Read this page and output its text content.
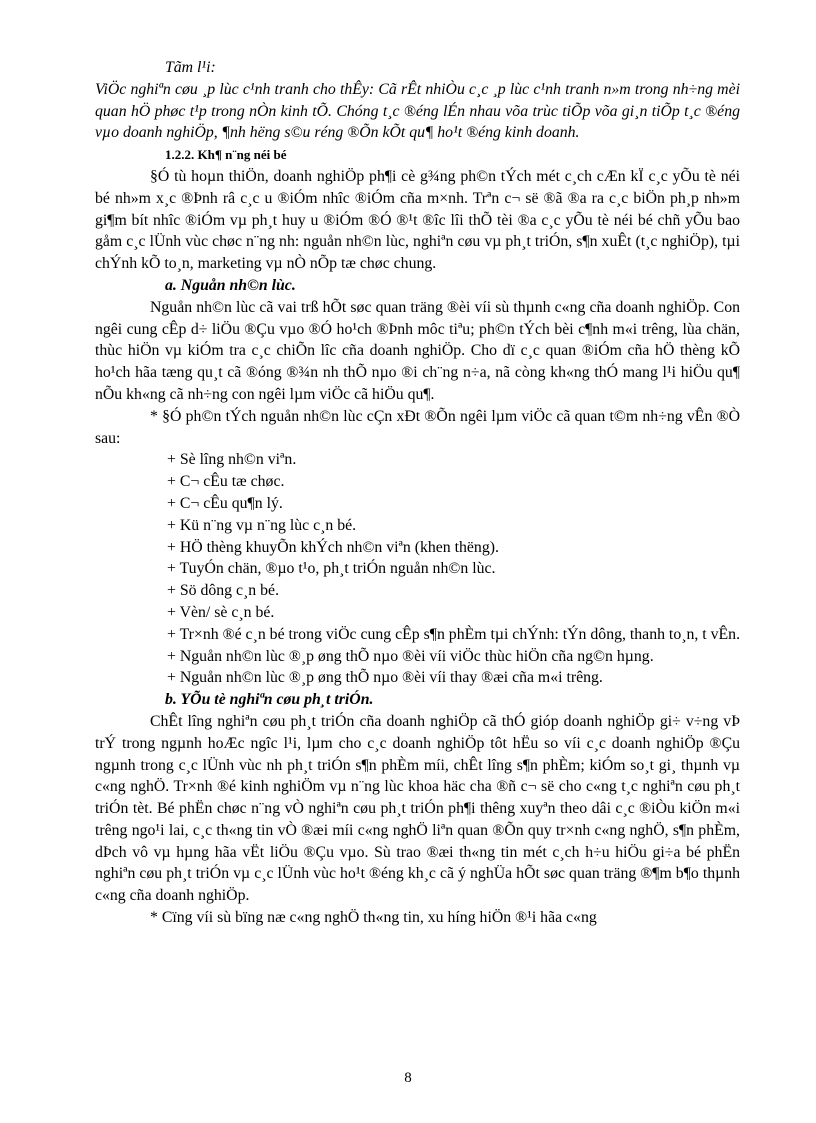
Tãm l¹i:

ViÖc nghiªn cøu ¸p lùc c¹nh tranh cho thÊy: Cã rÊt nhiÒu c¸c ¸p lùc c¹nh tranh n»m trong nh÷ng mèi quan hÖ phøc t¹p trong nÒn kinh tÕ. Chóng t¸c ®éng lÉn nhau võa trùc tiÕp võa gi¸n tiÕp t¸c ®éng vµo doanh nghiÖp, ¶nh hëng s©u réng ®Õn kÕt qu¶ ho¹t ®éng kinh doanh.

1.2.2. Kh¶ n¨ng néi bé

§Ó tù hoµn thiÖn, doanh nghiÖp ph¶i cè g¾ng ph©n tÝch mét c¸ch cÆn kÏ c¸c yÕu tè néi bé nh»m x¸c ®Þnh râ c¸c u ®iÓm nhîc ®iÓm cña m×nh. Trªn c¬ së ®ã ®a ra c¸c biÖn ph¸p nh»m gi¶m bít nhîc ®iÓm vµ ph¸t huy u ®iÓm ®Ó ®¹t ®îc lîi thÕ tèi ®a c¸c yÕu tè néi bé chñ yÕu bao gåm c¸c lÜnh vùc chøc n¨ng nh: nguån nh©n lùc, nghiªn cøu vµ ph¸t triÓn, s¶n xuÊt (t¸c nghiÖp), tµi chÝnh kÕ to¸n, marketing vµ nÒ nÕp tæ chøc chung.

a. Nguån nh©n lùc.

Nguån nh©n lùc cã vai trß hÕt søc quan träng ®èi víi sù thµnh c«ng cña doanh nghiÖp. Con ngêi cung cÊp d÷ liÖu ®Çu vµo ®Ó ho¹ch ®Þnh môc tiªu; ph©n tÝch bèi c¶nh m«i trêng, lùa chän, thùc hiÖn vµ kiÓm tra c¸c chiÕn lîc cña doanh nghiÖp. Cho dï c¸c quan ®iÓm cña hÖ thèng kÕ ho¹ch hãa tæng qu¸t cã ®óng ®¾n nh thÕ nµo ®i ch¨ng n÷a, nã còng kh«ng thÓ mang l¹i hiÖu qu¶ nÕu kh«ng cã nh÷ng con ngêi lµm viÖc cã hiÖu qu¶.

* §Ó ph©n tÝch nguån nh©n lùc cÇn xÐt ®Õn ngêi lµm viÖc cã quan t©m nh÷ng vÊn ®Ò sau:

+ Sè lîng nh©n viªn.

+ C¬ cÊu tæ chøc.

+ C¬ cÊu qu¶n lý.

+ Kü n¨ng vµ n¨ng lùc c¸n bé.

+ HÖ thèng khuyÕn khÝch nh©n viªn (khen thëng).

+ TuyÓn chän, ®µo t¹o, ph¸t triÓn nguån nh©n lùc.

+ Sö dông c¸n bé.

+ Vèn/ sè c¸n bé.

+ Tr×nh ®é c¸n bé trong viÖc cung cÊp s¶n phÈm tµi chÝnh: tÝn dông, thanh to¸n, t vÊn.

+ Nguån nh©n lùc ®¸p øng thÕ nµo ®èi víi viÖc thùc hiÖn cña ng©n hµng.

+ Nguån nh©n lùc ®¸p øng thÕ nµo ®èi víi thay ®æi cña m«i trêng.

b. YÕu tè nghiªn cøu ph¸t triÓn.

ChÊt lîng nghiªn cøu ph¸t triÓn cña doanh nghiÖp cã thÓ gióp doanh nghiÖp gi÷ v÷ng vÞ trÝ trong ngµnh hoÆc ngîc l¹i, lµm cho c¸c doanh nghiÖp tôt hËu so víi c¸c doanh nghiÖp ®Çu ngµnh trong c¸c lÜnh vùc nh ph¸t triÓn s¶n phÈm míi, chÊt lîng s¶n phÈm; kiÓm so¸t gi¸ thµnh vµ c«ng nghÖ. Tr×nh ®é kinh nghiÖm vµ n¨ng lùc khoa häc cha ®ñ c¬ së cho c«ng t¸c nghiªn cøu ph¸t triÓn tèt. Bé phËn chøc n¨ng vÒ nghiªn cøu ph¸t triÓn ph¶i thêng xuyªn theo dâi c¸c ®iÒu kiÖn m«i trêng ngo¹i lai, c¸c th«ng tin vÒ ®æi míi c«ng nghÖ liªn quan ®Õn quy tr×nh c«ng nghÖ, s¶n phÈm, dÞch vô vµ hµng hãa vËt liÖu ®Çu vµo. Sù trao ®æi th«ng tin mét c¸ch h÷u hiÖu gi÷a bé phËn nghiªn cøu ph¸t triÓn vµ c¸c lÜnh vùc ho¹t ®éng kh¸c cã ý nghÜa hÕt søc quan träng ®¶m b¶o thµnh c«ng cña doanh nghiÖp.

* Cïng víi sù bïng næ c«ng nghÖ th«ng tin, xu híng hiÖn ®¹i hãa c«ng

8
